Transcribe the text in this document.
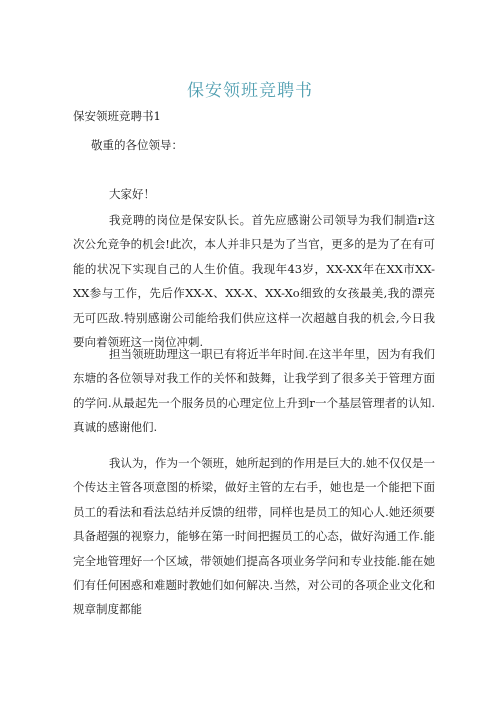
保安领班竞聘书
保安领班竞聘书1
敬重的各位领导：
大家好！

我竞聘的岗位是保安队长。首先应感谢公司领导为我们制造r这次公允竞争的机会!此次，本人并非只是为了当官，更多的是为了在有可能的状况下实现自己的人生价值。我现年43岁，XX-XX年在XX市XX-XX参与工作，先后作XX-X、XX-X、XX-Xo细致的女孩最美,我的漂亮无可匹敌.特别感谢公司能给我们供应这样一次超越自我的机会,今日我要向着领班这一岗位冲刺.

担当领班助理这一职已有将近半年时间.在这半年里，因为有我们东塘的各位领导对我工作的关怀和鼓舞，让我学到了很多关于管理方面的学问.从最起先一个服务员的心理定位上升到r一个基层管理者的认知.真诚的感谢他们.

我认为，作为一个领班，她所起到的作用是巨大的.她不仅仅是一个传达主管各项意图的桥梁，做好主管的左右手，她也是一个能把下面员工的看法和看法总结并反馈的纽带，同样也是员工的知心人.她还须要具备超强的视察力，能够在第一时间把握员工的心态，做好沟通工作.能完全地管理好一个区域，带领她们提高各项业务学问和专业技能.能在她们有任何困惑和难题时教她们如何解决.当然，对公司的各项企业文化和规章制度都能
